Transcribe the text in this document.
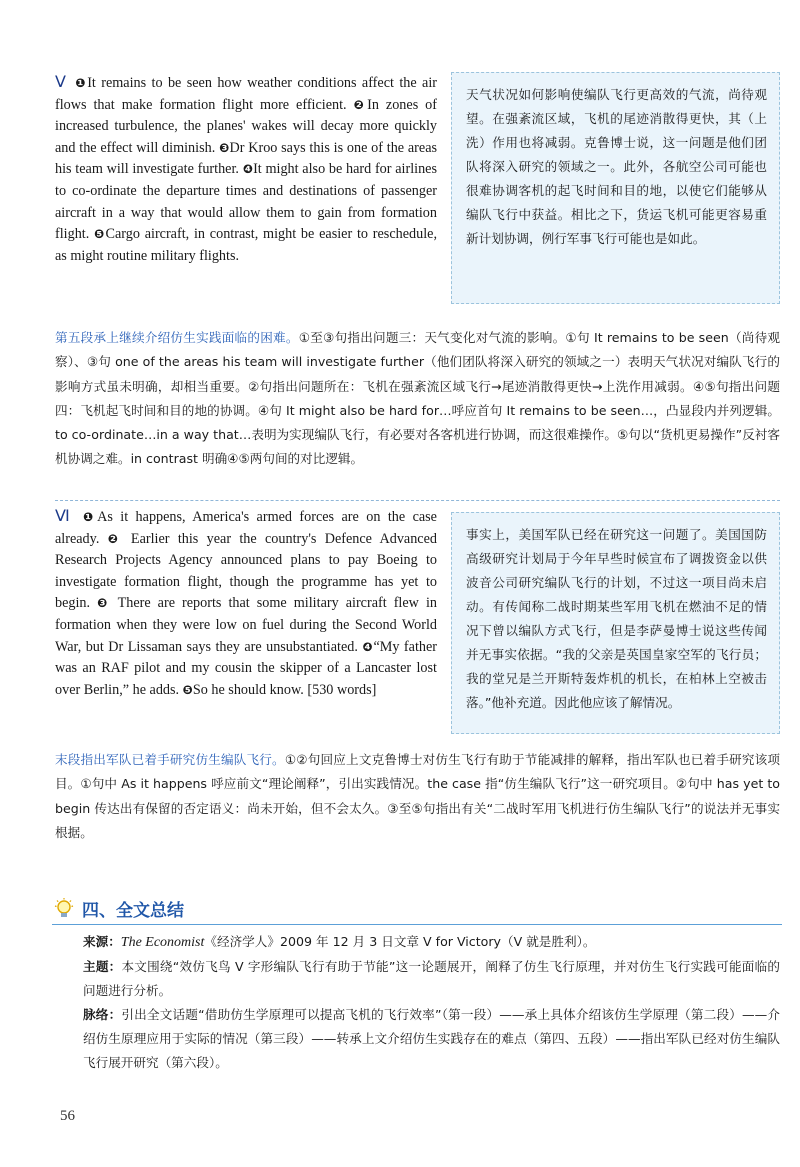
Ⅴ ❶It remains to be seen how weather conditions affect the air flows that make formation flight more efficient. ❷In zones of increased turbulence, the planes' wakes will decay more quickly and the effect will diminish. ❸Dr Kroo says this is one of the areas his team will investigate further. ❹It might also be hard for airlines to co-ordinate the departure times and destinations of passenger aircraft in a way that would allow them to gain from formation flight. ❺Cargo aircraft, in contrast, might be easier to reschedule, as might routine military flights.
天气状况如何影响使编队飞行更高效的气流，尚待观望。在强紊流区域，飞机的尾迹消散得更快，其（上洗）作用也将减弱。克鲁博士说，这一问题是他们团队将深入研究的领域之一。此外，各航空公司可能也很难协调客机的起飞时间和目的地，以使它们能够从编队飞行中获益。相比之下，货运飞机可能更容易重新计划协调，例行军事飞行可能也是如此。
第五段承上继续介绍仿生实践面临的困难。①至③句指出问题三：天气变化对气流的影响。①句 It remains to be seen（尚待观察）、③句 one of the areas his team will investigate further（他们团队将深入研究的领域之一）表明天气状况对编队飞行的影响方式虽未明确，却相当重要。②句指出问题所在：飞机在强紊流区域飞行→尾迹消散得更快→上洗作用减弱。④⑤句指出问题四：飞机起飞时间和目的地的协调。④句 It might also be hard for…呼应首句 It remains to be seen…，凸显段内并列逻辑。to co-ordinate…in a way that…表明为实现编队飞行，有必要对各客机进行协调，而这很难操作。⑤句以“货机更易操作”反衬客机协调之难。in contrast 明确④⑤两句间的对比逻辑。
Ⅵ ❶As it happens, America's armed forces are on the case already. ❷ Earlier this year the country's Defence Advanced Research Projects Agency announced plans to pay Boeing to investigate formation flight, though the programme has yet to begin. ❸ There are reports that some military aircraft flew in formation when they were low on fuel during the Second World War, but Dr Lissaman says they are unsubstantiated. ❹“My father was an RAF pilot and my cousin the skipper of a Lancaster lost over Berlin,” he adds. ❺So he should know. [530 words]
事实上，美国军队已经在研究这一问题了。美国国防高级研究计划局于今年早些时候宣布了调拨资金以供波音公司研究编队飞行的计划，不过这一项目尚未启动。有传闻称二战时期某些军用飞机在燃油不足的情况下曾以编队方式飞行，但是李萨曼博士说这些传闻并无事实依据。“我的父亲是英国皇家空军的飞行员；我的堂兄是兰开斯特轰炸机的机长，在柏林上空被击落。”他补充道。因此他应该了解情况。
末段指出军队已着手研究仿生编队飞行。①②句回应上文克鲁博士对仿生飞行有助于节能减排的解释，指出军队也已着手研究该项目。①句中 As it happens 呼应前文“理论阐释”，引出实践情况。the case 指“仿生编队飞行”这一研究项目。②句中 has yet to begin 传达出有保留的否定语义：尚未开始，但不会太久。③至⑤句指出有关“二战时军用飞机进行仿生编队飞行”的说法并无事实根据。
四、全文总结

来源：The Economist《经济学人》2009 年 12 月 3 日文章 V for Victory（V 就是胜利）。

主题：本文围绕“效仿飞鸟 V 字形编队飞行有助于节能”这一论题展开，阐释了仿生飞行原理，并对仿生飞行实践可能面临的问题进行分析。

脉络：引出全文话题“借助仿生学原理可以提高飞机的飞行效率”（第一段）——承上具体介绍该仿生学原理（第二段）——介绍仿生原理应用于实际的情况（第三段）——转承上文介绍仿生实践存在的难点（第四、五段）——指出军队已经对仿生编队飞行展开研究（第六段）。

56
